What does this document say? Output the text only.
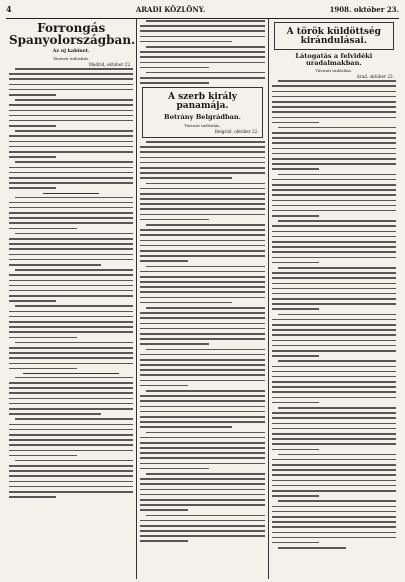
4	ARADI KÖZLÖNY.	1908. október 23.
Forrongás Spanyolországban.
Az uj kabinet.
Távirati tudósítás.
Madrid, október 22.
A szerb király panamája.
Botrány Belgrádban.
Távirati tudósítás.
Belgrád, október 22.
A török küldöttség kirándulásai.
Látogatás a felvidéki uradalmakban.
Távirati tudósítás.
Arad, október 22.
